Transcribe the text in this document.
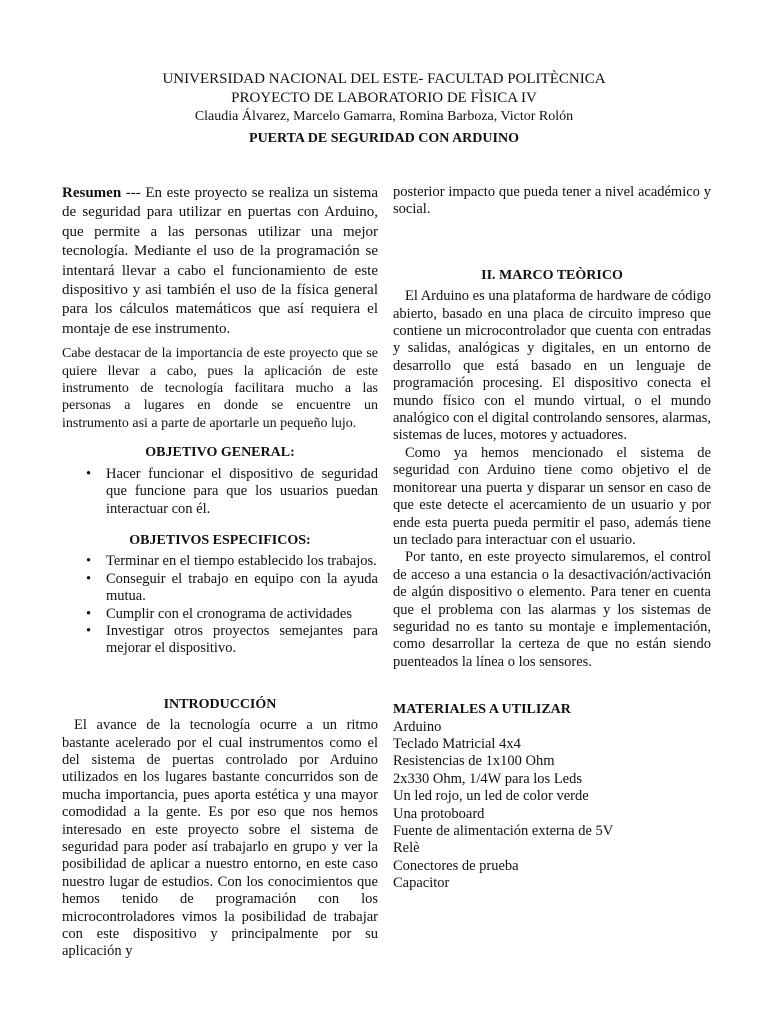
UNIVERSIDAD NACIONAL DEL ESTE- FACULTAD POLITÈCNICA
PROYECTO DE LABORATORIO DE FÌSICA IV
Claudia Álvarez, Marcelo Gamarra, Romina Barboza, Victor Rolón
PUERTA DE SEGURIDAD CON ARDUINO

Resumen --- En este proyecto se realiza un sistema de seguridad para utilizar en puertas con Arduino, que permite a las personas utilizar una mejor tecnología. Mediante el uso de la programación se intentará llevar a cabo el funcionamiento de este dispositivo y asi también el uso de la física general para los cálculos matemáticos que así requiera el montaje de ese instrumento.

Cabe destacar de la importancia de este proyecto que se quiere llevar a cabo, pues la aplicación de este instrumento de tecnología facilitara mucho a las personas a lugares en donde se encuentre un instrumento asi a parte de aportarle un pequeño lujo.

OBJETIVO GENERAL:
• Hacer funcionar el dispositivo de seguridad que funcione para que los usuarios puedan interactuar con él.
OBJETIVOS ESPECIFICOS:
• Terminar en el tiempo establecido los trabajos.
• Conseguir el trabajo en equipo con la ayuda mutua.
• Cumplir con el cronograma de actividades
• Investigar otros proyectos semejantes para mejorar el dispositivo.
INTRODUCCIÓN

El avance de la tecnología ocurre a un ritmo bastante acelerado por el cual instrumentos como el del sistema de puertas controlado por Arduino utilizados en los lugares bastante concurridos son de mucha importancia, pues aporta estética y una mayor comodidad a la gente. Es por eso que nos hemos interesado en este proyecto sobre el sistema de seguridad para poder así trabajarlo en grupo y ver la posibilidad de aplicar a nuestro entorno, en este caso nuestro lugar de estudios. Con los conocimientos que hemos tenido de programación con los microcontroladores vimos la posibilidad de trabajar con este dispositivo y principalmente por su aplicación y

posterior impacto que pueda tener a nivel académico y social.

II. MARCO TEÒRICO

El Arduino es una plataforma de hardware de código abierto, basado en una placa de circuito impreso que contiene un microcontrolador que cuenta con entradas y salidas, analógicas y digitales, en un entorno de desarrollo que está basado en un lenguaje de programación procesing. El dispositivo conecta el mundo físico con el mundo virtual, o el mundo analógico con el digital controlando sensores, alarmas, sistemas de luces, motores y actuadores.

Como ya hemos mencionado el sistema de seguridad con Arduino tiene como objetivo el de monitorear una puerta y disparar un sensor en caso de que este detecte el acercamiento de un usuario y por ende esta puerta pueda permitir el paso, además tiene un teclado para interactuar con el usuario.

Por tanto, en este proyecto simularemos, el control de acceso a una estancia o la desactivación/activación de algún dispositivo o elemento. Para tener en cuenta que el problema con las alarmas y los sistemas de seguridad no es tanto su montaje e implementación, como desarrollar la certeza de que no están siendo puenteados la línea o los sensores.

MATERIALES A UTILIZAR
Arduino
Teclado Matricial 4x4
Resistencias de 1x100 Ohm
2x330 Ohm, 1/4W para los Leds
Un led rojo, un led de color verde
Una protoboard
Fuente de alimentación externa de 5V
Relè
Conectores de prueba
Capacitor
